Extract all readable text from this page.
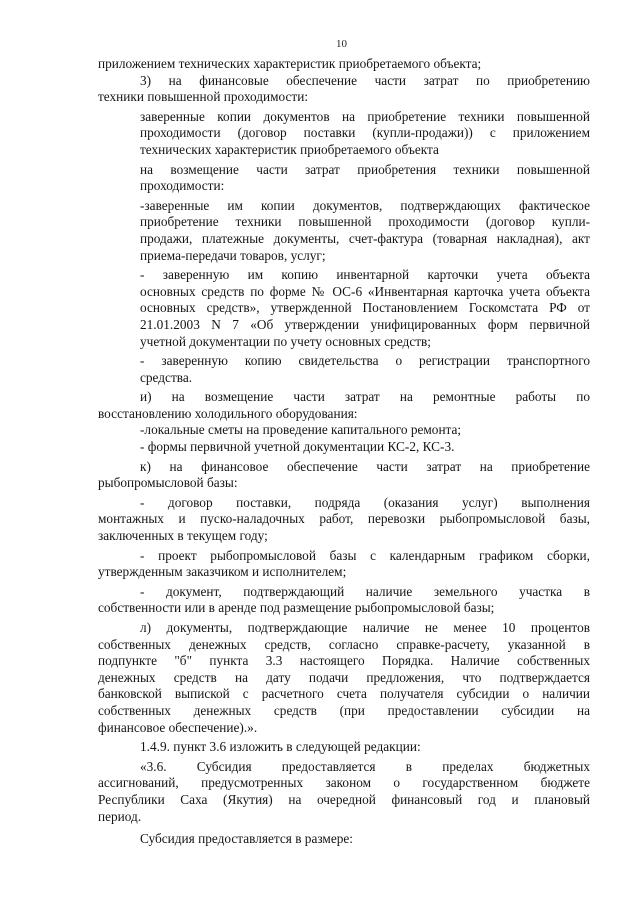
10
приложением технических характеристик приобретаемого объекта;
3) на финансовые обеспечение части затрат по приобретению
техники повышенной проходимости:
заверенные копии документов на приобретение техники повышенной
проходимости (договор поставки (купли-продажи)) с приложением
технических характеристик приобретаемого объекта
на возмещение части затрат приобретения техники повышенной
проходимости:
-заверенные им копии документов, подтверждающих фактическое
приобретение техники повышенной проходимости (договор купли-
продажи, платежные документы, счет-фактура (товарная накладная), акт
приема-передачи товаров, услуг;
- заверенную им копию инвентарной карточки учета объекта
основных средств по форме № ОС-6 «Инвентарная карточка учета объекта
основных средств», утвержденной Постановлением Госкомстата РФ от
21.01.2003 N 7 «Об утверждении унифицированных форм первичной
учетной документации по учету основных средств;
- заверенную копию свидетельства о регистрации транспортного
средства.
и) на возмещение части затрат на ремонтные работы по
восстановлению холодильного оборудования:
-локальные сметы на проведение капитального ремонта;
- формы первичной учетной документации КС-2, КС-3.
к) на финансовое обеспечение части затрат на приобретение
рыбопромысловой базы:
- договор поставки, подряда (оказания услуг) выполнения
монтажных и пуско-наладочных работ, перевозки рыбопромысловой базы,
заключенных в текущем году;
- проект рыбопромысловой базы с календарным графиком сборки,
утвержденным заказчиком и исполнителем;
- документ, подтверждающий наличие земельного участка в
собственности или в аренде под размещение рыбопромысловой базы;
л) документы, подтверждающие наличие не менее 10 процентов
собственных денежных средств, согласно справке-расчету, указанной в
подпункте "б" пункта 3.3 настоящего Порядка. Наличие собственных
денежных средств на дату подачи предложения, что подтверждается
банковской выпиской с расчетного счета получателя субсидии о наличии
собственных денежных средств (при предоставлении субсидии на
финансовое обеспечение).».
1.4.9. пункт 3.6 изложить в следующей редакции:
«3.6. Субсидия предоставляется в пределах бюджетных
ассигнований, предусмотренных законом о государственном бюджете
Республики Саха (Якутия) на очередной финансовый год и плановый
период.
Субсидия предоставляется в размере:
